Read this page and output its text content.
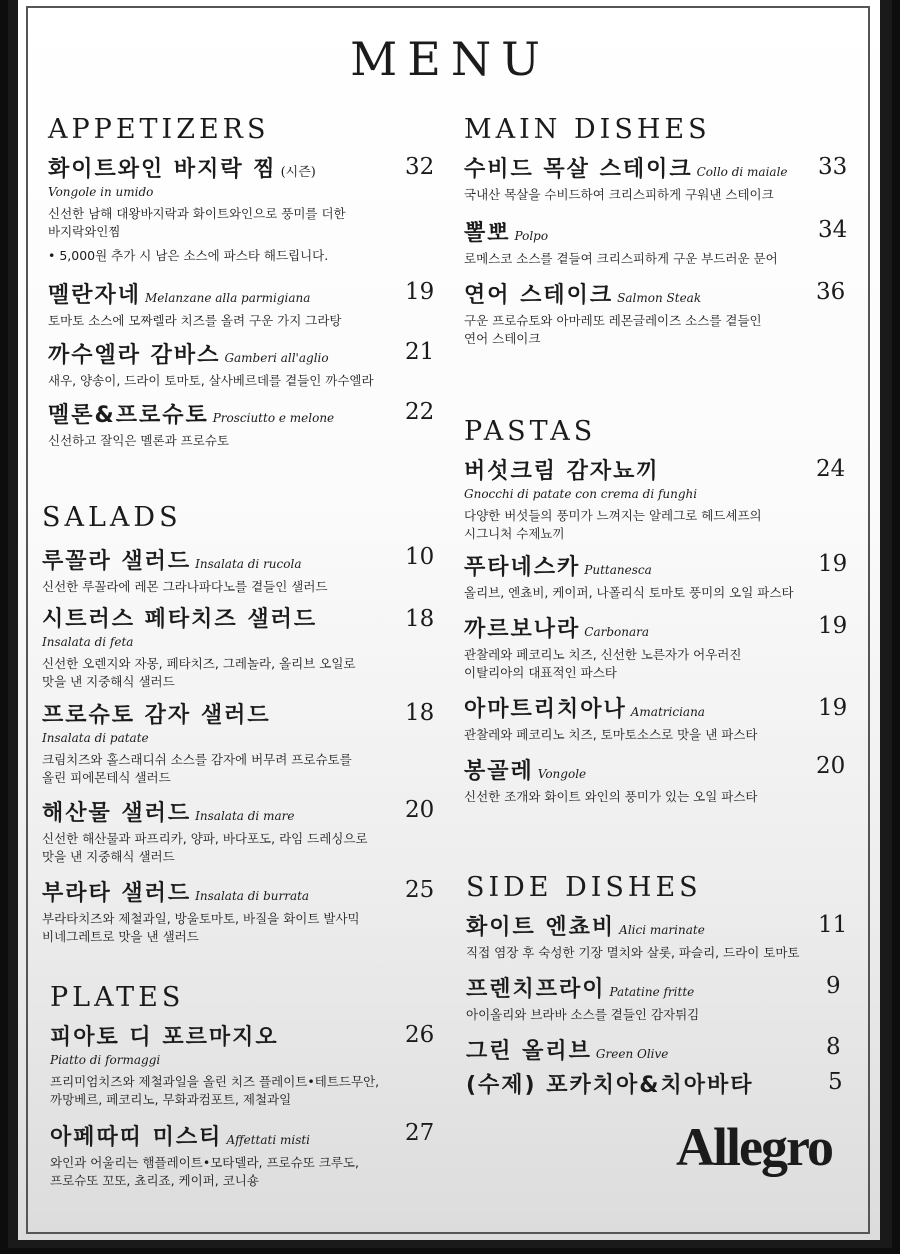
MENU
APPETIZERS
화이트와인 바지락 찜 (시즌)
Vongole in umido
신선한 남해 대왕바지락과 화이트와인으로 풍미를 더한
바지락와인찜
• 5,000원 추가 시 남은 소스에 파스타 해드립니다.
32
멜란자네 Melanzane alla parmigiana
토마토 소스에 모짜렐라 치즈를 올려 구운 가지 그라탕
19
까수엘라 감바스 Gamberi all'aglio
새우, 양송이, 드라이 토마토, 살사베르데를 곁들인 까수엘라
21
멜론&프로슈토 Prosciutto e melone
신선하고 잘익은 멜론과 프로슈토
22
SALADS
루꼴라 샐러드 Insalata di rucola
신선한 루꼴라에 레몬 그라나파다노를 곁들인 샐러드
10
시트러스 페타치즈 샐러드
Insalata di feta
신선한 오렌지와 자몽, 페타치즈, 그레놀라, 올리브 오일로
맛을 낸 지중해식 샐러드
18
프로슈토 감자 샐러드
Insalata di patate
크림치즈와 홀스래디쉬 소스를 감자에 버무려 프로슈토를
올린 피에몬테식 샐러드
18
해산물 샐러드 Insalata di mare
신선한 해산물과 파프리카, 양파, 바다포도, 라임 드레싱으로
맛을 낸 지중해식 샐러드
20
부라타 샐러드 Insalata di burrata
부라타치즈와 제철과일, 방울토마토, 바질을 화이트 발사믹
비네그레트로 맛을 낸 샐러드
25
PLATES
피아토 디 포르마지오
Piatto di formaggi
프리미엄치즈와 제철과일을 올린 치즈 플레이트•테트드무안,
까망베르, 페코리노, 무화과컴포트, 제철과일
26
아페따띠 미스티 Affettati misti
와인과 어울리는 햄플레이트•모타델라, 프로슈또 크루도,
프로슈또 꼬또, 쵸리죠, 케이퍼, 코니숑
27
MAIN DISHES
수비드 목살 스테이크 Collo di maiale
국내산 목살을 수비드하여 크리스피하게 구워낸 스테이크
33
뽈뽀 Polpo
로메스코 소스를 곁들여 크리스피하게 구운 부드러운 문어
34
연어 스테이크 Salmon Steak
구운 프로슈토와 아마레또 레몬글레이즈 소스를 곁들인
연어 스테이크
36
PASTAS
버섯크림 감자뇨끼
Gnocchi di patate con crema di funghi
다양한 버섯들의 풍미가 느껴지는 알레그로 헤드셰프의
시그니처 수제뇨끼
24
푸타네스카 Puttanesca
올리브, 엔쵸비, 케이퍼, 나폴리식 토마토 풍미의 오일 파스타
19
까르보나라 Carbonara
관찰레와 페코리노 치즈, 신선한 노른자가 어우러진
이탈리아의 대표적인 파스타
19
아마트리치아나 Amatriciana
관찰레와 페코리노 치즈, 토마토소스로 맛을 낸 파스타
19
봉골레 Vongole
신선한 조개와 화이트 와인의 풍미가 있는 오일 파스타
20
SIDE DISHES
화이트 엔쵸비 Alici marinate
직접 염장 후 숙성한 기장 멸치와 살롯, 파슬리, 드라이 토마토
11
프렌치프라이 Patatine fritte
아이올리와 브라바 소스를 곁들인 감자튀김
9
그린 올리브 Green Olive	8
(수제) 포카치아&치아바타	5
Allegro
